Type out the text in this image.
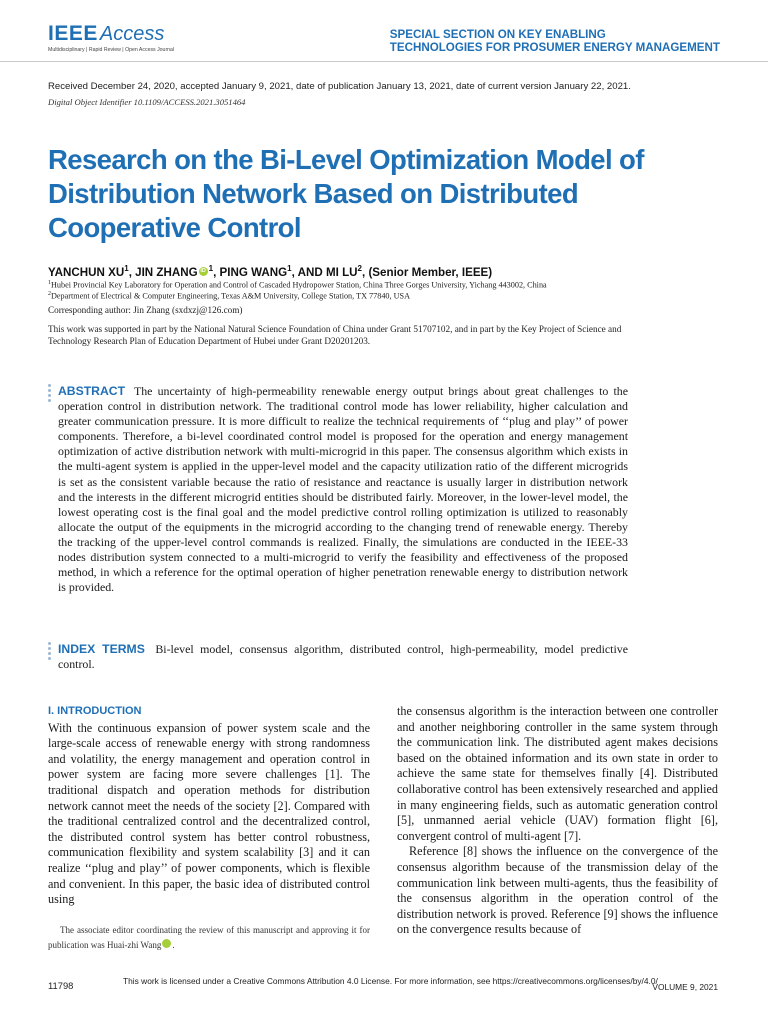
IEEE Access
Multidisciplinary | Rapid Review | Open Access Journal
SPECIAL SECTION ON KEY ENABLING
TECHNOLOGIES FOR PROSUMER ENERGY MANAGEMENT
Received December 24, 2020, accepted January 9, 2021, date of publication January 13, 2021, date of current version January 22, 2021.
Digital Object Identifier 10.1109/ACCESS.2021.3051464
Research on the Bi-Level Optimization Model of Distribution Network Based on Distributed Cooperative Control
YANCHUN $XU^1$, JIN ZHANG iD $^1$, PING WANG$^1$, AND MI $LU^2$, (Senior Member, IEEE)
$^1$Hubei Provincial Key Laboratory for Operation and Control of Cascaded Hydropower Station, China Three Gorges University, Yichang 443002, China
$^2$Department of Electrical & Computer Engineering, Texas A&M University, College Station, TX 77840, USA
Corresponding author: Jin Zhang (sxdxzj@126.com)
This work was supported in part by the National Natural Science Foundation of China under Grant 51707102, and in part by the Key Project of Science and Technology Research Plan of Education Department of Hubei under Grant D20201203.
ABSTRACT The uncertainty of high-permeability renewable energy output brings about great challenges to the operation control in distribution network. The traditional control mode has lower reliability, higher calculation and greater communication pressure. It is more difficult to realize the technical requirements of ‘‘plug and play’’ of power components. Therefore, a bi-level coordinated control model is proposed for the operation and energy management optimization of active distribution network with multi-microgrid in this paper. The consensus algorithm which exists in the multi-agent system is applied in the upper-level model and the capacity utilization ratio of the different microgrids is set as the consistent variable because the ratio of resistance and reactance is usually larger in distribution network and the interests in the different microgrid entities should be distributed fairly. Moreover, in the lower-level model, the lowest operating cost is the final goal and the model predictive control rolling optimization is utilized to reasonably allocate the output of the equipments in the microgrid according to the changing trend of renewable energy. Thereby the tracking of the upper-level control commands is realized. Finally, the simulations are conducted in the IEEE-33 nodes distribution system connected to a multi-microgrid to verify the feasibility and effectiveness of the proposed method, in which a reference for the optimal operation of higher penetration renewable energy to distribution network is provided.
INDEX TERMS Bi-level model, consensus algorithm, distributed control, high-permeability, model predictive control.
I. INTRODUCTION
With the continuous expansion of power system scale and the large-scale access of renewable energy with strong randomness and volatility, the energy management and operation control in power system are facing more severe challenges [1]. The traditional dispatch and operation methods for distribution network cannot meet the needs of the society [2]. Compared with the traditional centralized control and the decentralized control, the distributed control system has better control robustness, communication flexibility and system scalability [3] and it can realize ‘‘plug and play’’ of power components, which is flexible and convenient. In this paper, the basic idea of distributed control using
the consensus algorithm is the interaction between one controller and another neighboring controller in the same system through the communication link. The distributed agent makes decisions based on the obtained information and its own state in order to achieve the same state for themselves finally [4]. Distributed collaborative control has been extensively researched and applied in many engineering fields, such as automatic generation control [5], unmanned aerial vehicle (UAV) formation flight [6], convergent control of multi-agent [7].
Reference [8] shows the influence on the convergence of the consensus algorithm because of the transmission delay of the communication link between multi-agents, thus the feasibility of the consensus algorithm in the operation control of the distribution network is proved. Reference [9] shows the influence on the convergence results because of
The associate editor coordinating the review of this manuscript and approving it for publication was Huai-zhi Wang iD.
11798	This work is licensed under a Creative Commons Attribution 4.0 License. For more information, see https://creativecommons.org/licenses/by/4.0/
VOLUME 9, 2021
